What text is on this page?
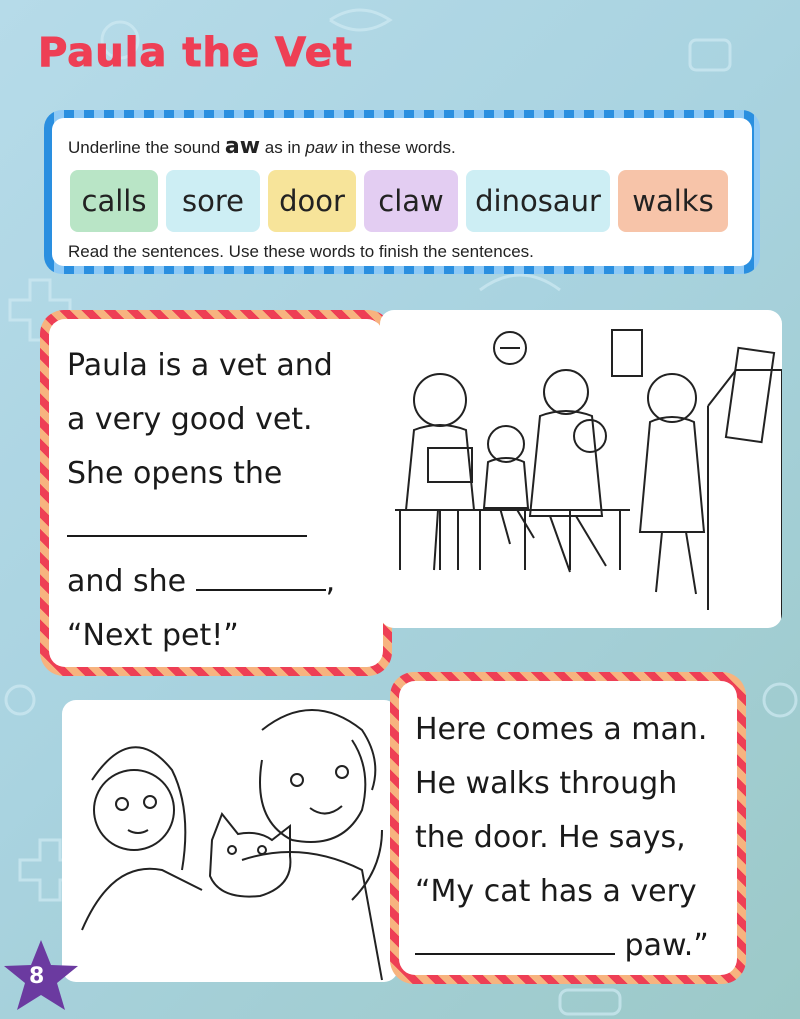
Paula the Vet
Underline the sound aw as in paw in these words.
calls	sore	door	claw	dinosaur	walks
Read the sentences. Use these words to finish the sentences.
Paula is a vet and
a very good vet.
She opens the
and she	,
“Next pet!”
Here comes a man.
He walks through
the door. He says,
“My cat has a very
paw.”
8
